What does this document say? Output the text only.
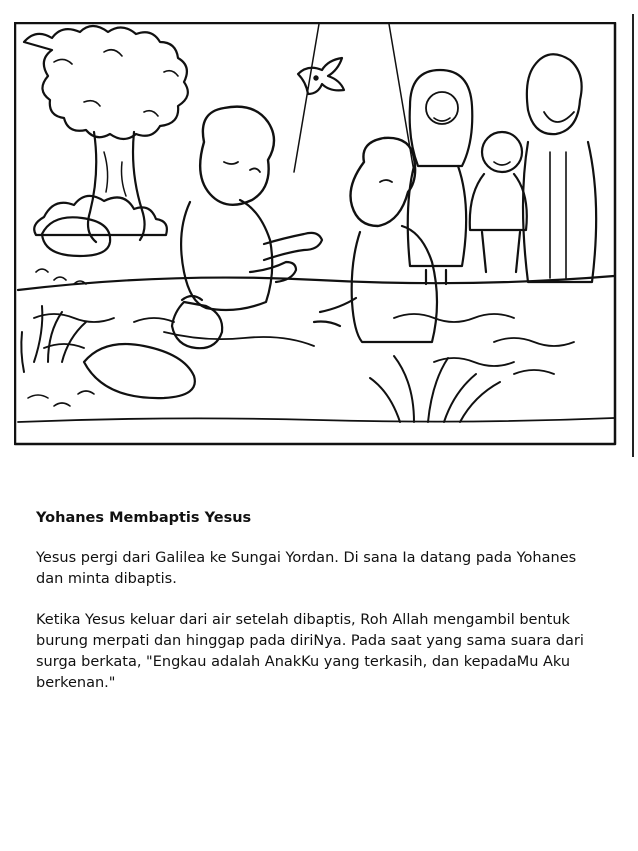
Yohanes Membaptis Yesus

Yesus pergi dari Galilea ke Sungai Yordan. Di sana Ia datang pada Yohanes dan minta dibaptis.

Ketika Yesus keluar dari air setelah dibaptis, Roh Allah mengambil bentuk burung merpati dan hinggap pada diriNya. Pada saat yang sama suara dari surga berkata, "Engkau adalah AnakKu yang terkasih, dan kepadaMu Aku berkenan."
